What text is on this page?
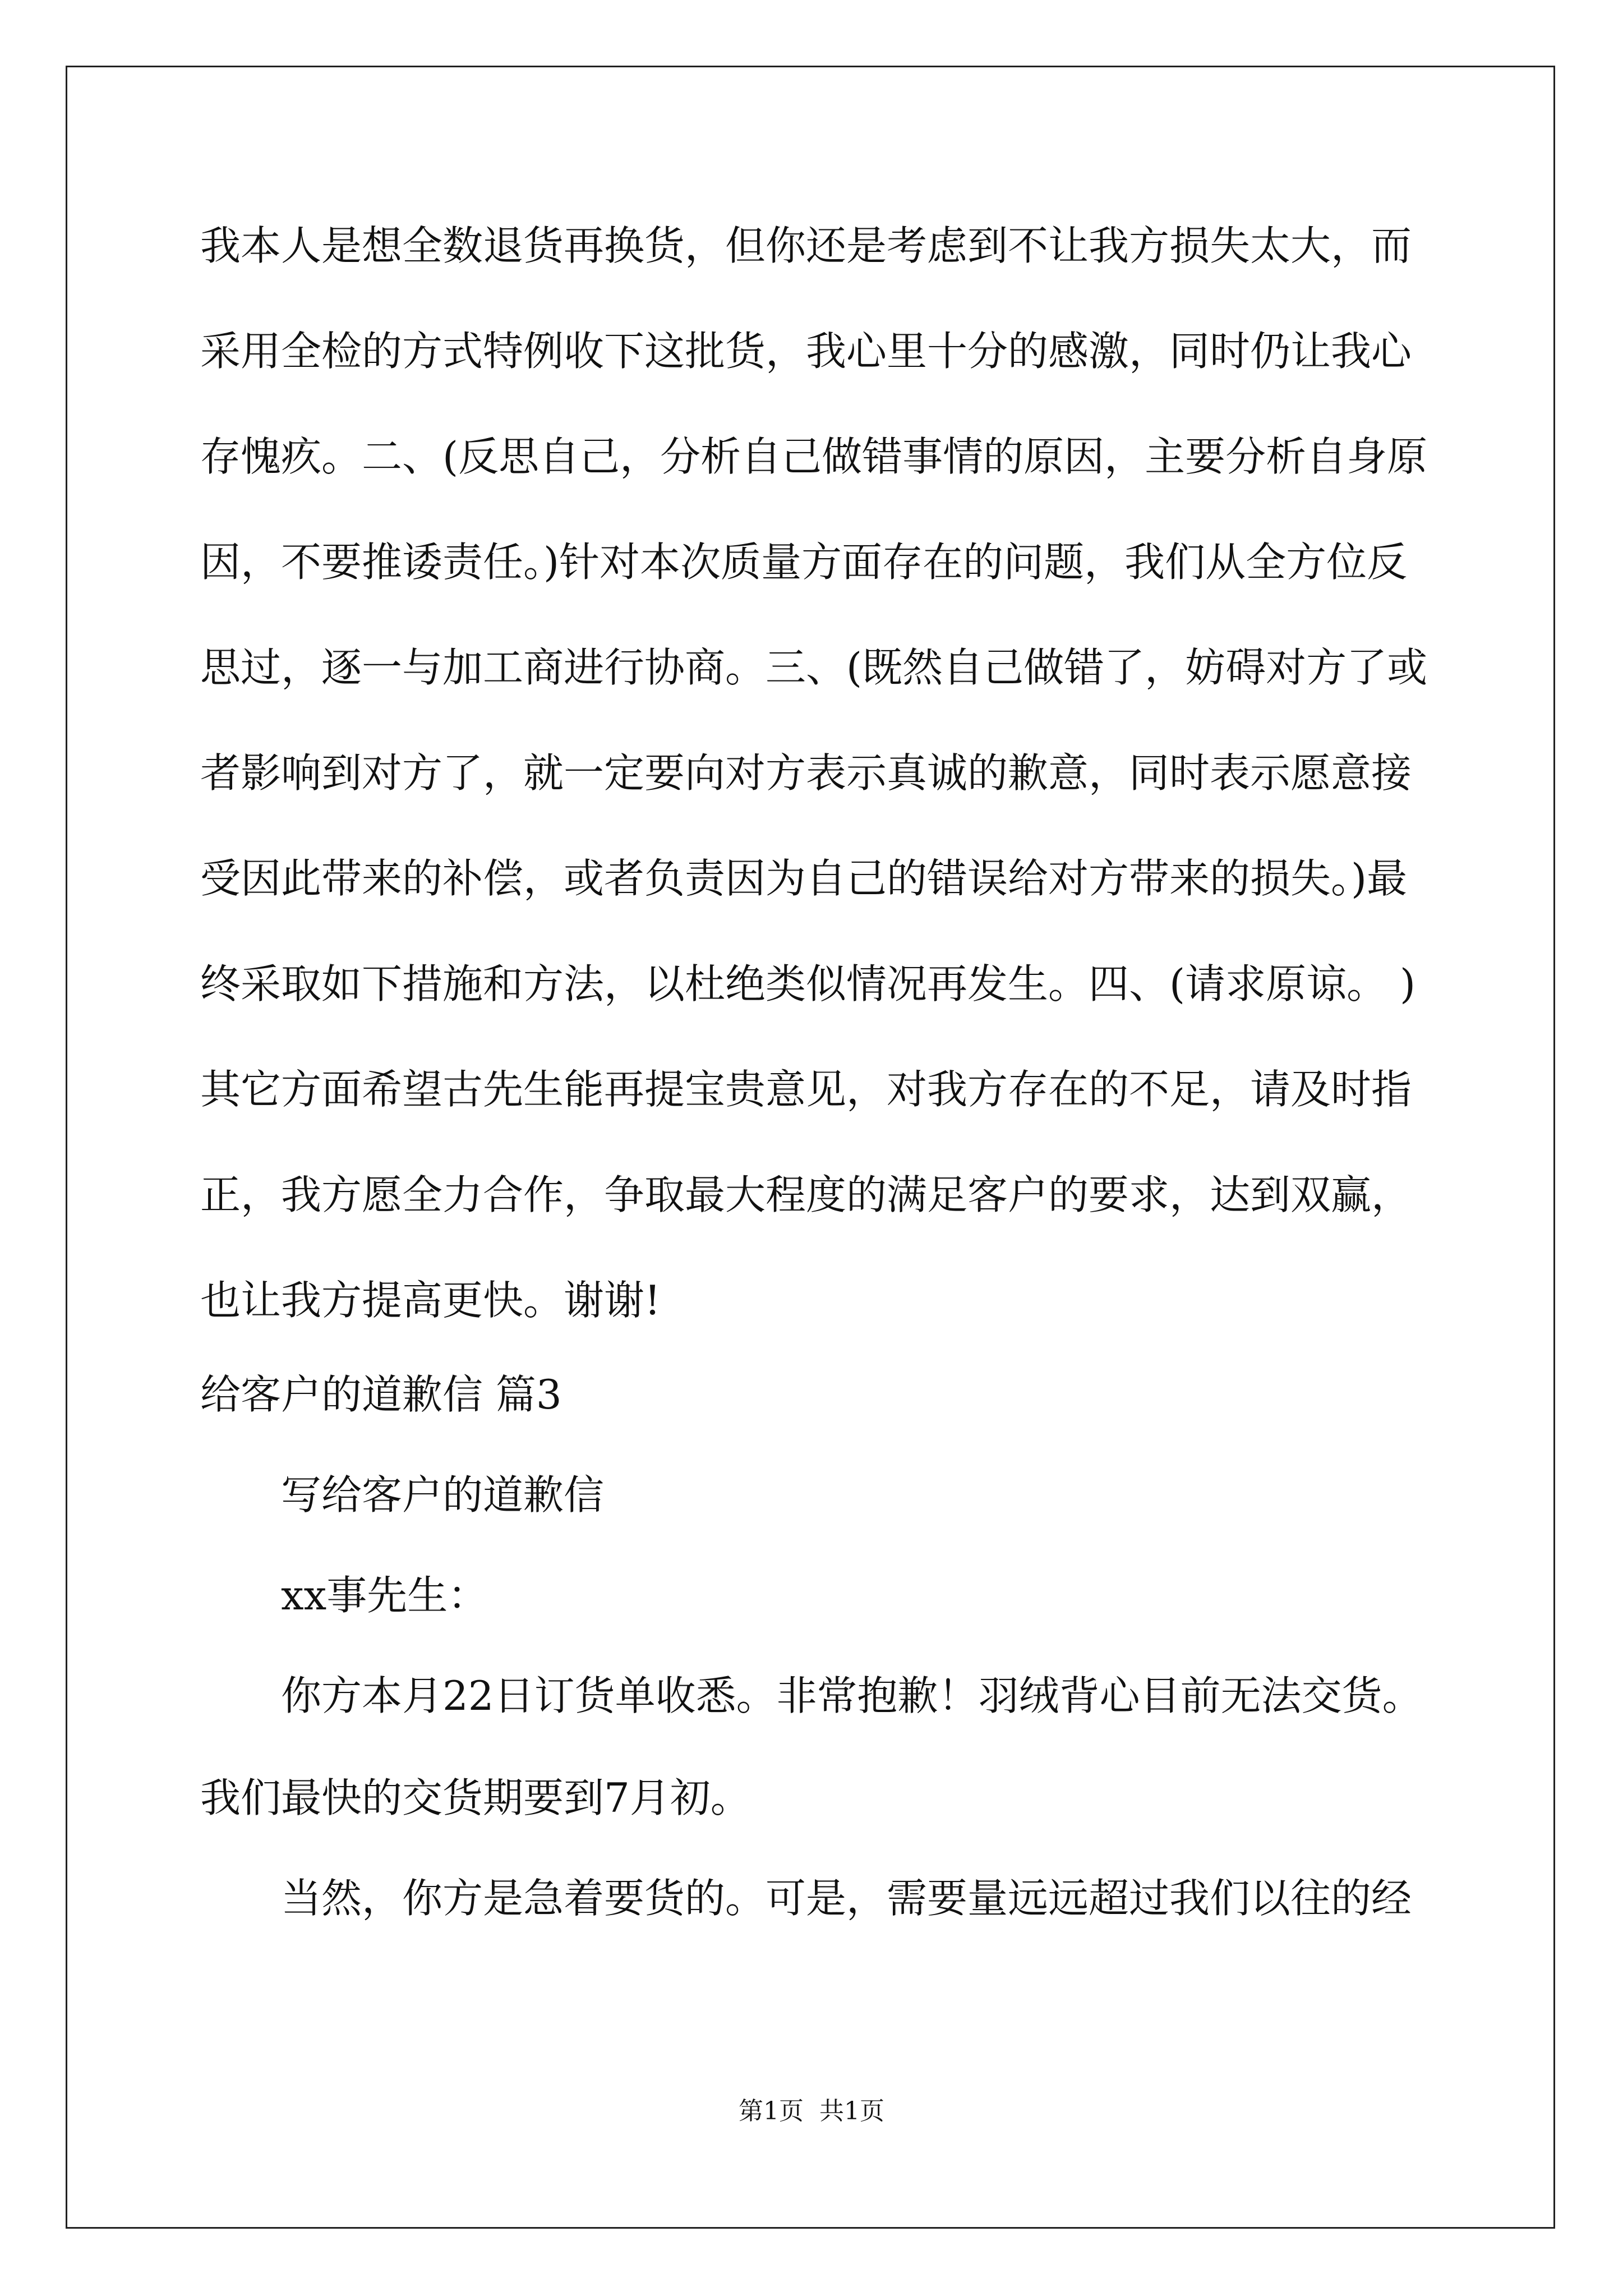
我本人是想全数退货再换货，但你还是考虑到不让我方损失太大，而
采用全检的方式特例收下这批货，我心里十分的感激，同时仍让我心
存愧疚。二、(反思自己，分析自己做错事情的原因，主要分析自身原
因，不要推诿责任。)针对本次质量方面存在的问题，我们从全方位反
思过，逐一与加工商进行协商。三、(既然自己做错了，妨碍对方了或
者影响到对方了，就一定要向对方表示真诚的歉意，同时表示愿意接
受因此带来的补偿，或者负责因为自己的错误给对方带来的损失。)最
终采取如下措施和方法，以杜绝类似情况再发生。四、(请求原谅。 )
其它方面希望古先生能再提宝贵意见，对我方存在的不足，请及时指
正，我方愿全力合作，争取最大程度的满足客户的要求，达到双赢，
也让我方提高更快。谢谢!
给客户的道歉信 篇3
写给客户的道歉信
xx事先生：
你方本月22日订货单收悉。非常抱歉！羽绒背心目前无法交货。
我们最快的交货期要到7月初。
当然，你方是急着要货的。可是，需要量远远超过我们以往的经
第1页  共1页
